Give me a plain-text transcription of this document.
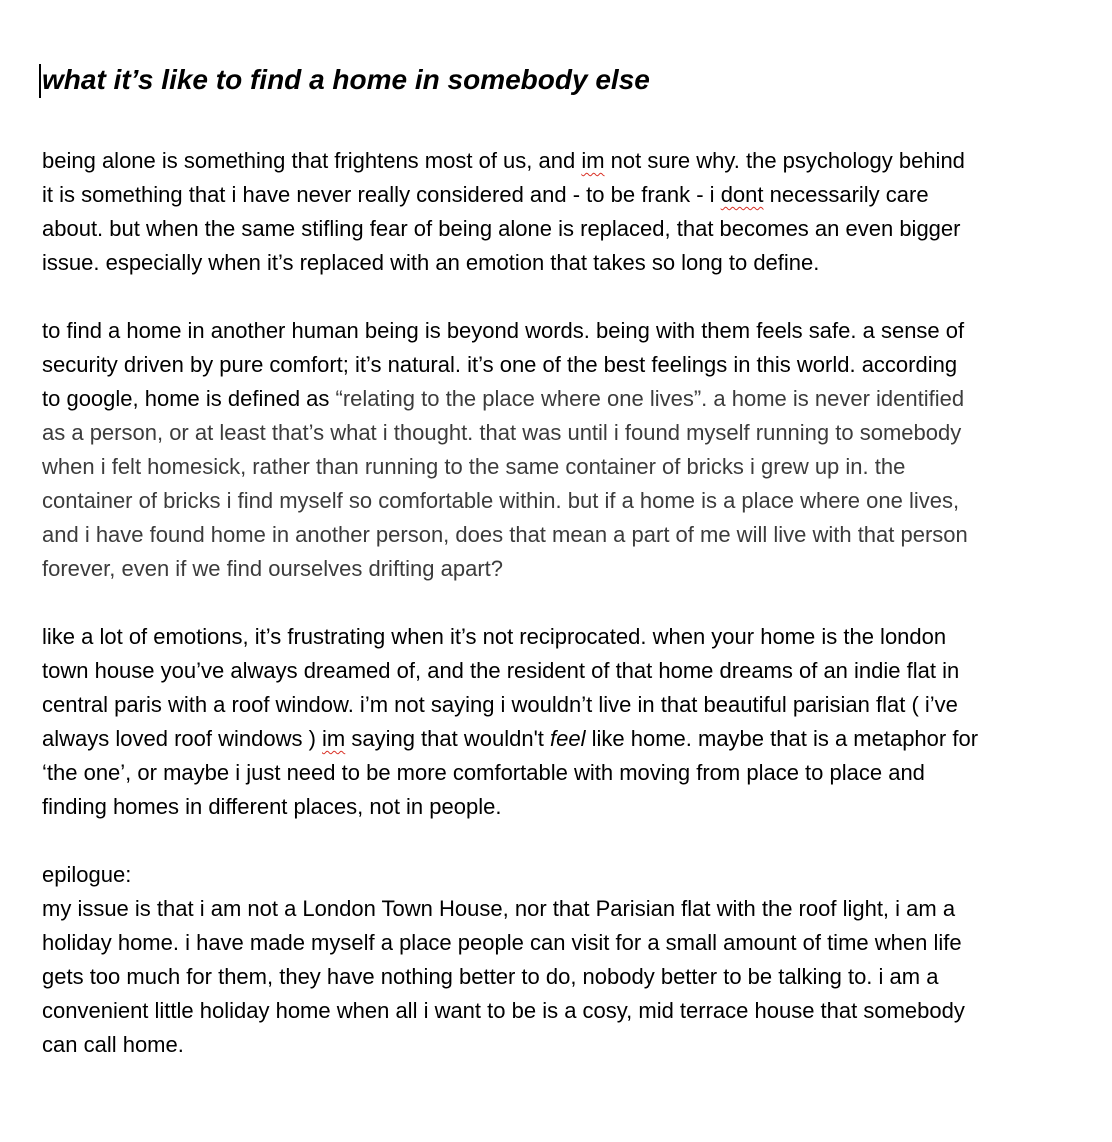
what it’s like to find a home in somebody else

being alone is something that frightens most of us, and im not sure why. the psychology behind
it is something that i have never really considered and - to be frank - i dont necessarily care
about. but when the same stifling fear of being alone is replaced, that becomes an even bigger
issue. especially when it’s replaced with an emotion that takes so long to define.

to find a home in another human being is beyond words. being with them feels safe. a sense of
security driven by pure comfort; it’s natural. it’s one of the best feelings in this world. according
to google, home is defined as “relating to the place where one lives”. a home is never identified
as a person, or at least that’s what i thought. that was until i found myself running to somebody
when i felt homesick, rather than running to the same container of bricks i grew up in. the
container of bricks i find myself so comfortable within. but if a home is a place where one lives,
and i have found home in another person, does that mean a part of me will live with that person
forever, even if we find ourselves drifting apart?

like a lot of emotions, it’s frustrating when it’s not reciprocated. when your home is the london
town house you’ve always dreamed of, and the resident of that home dreams of an indie flat in
central paris with a roof window. i’m not saying i wouldn’t live in that beautiful parisian flat ( i’ve
always loved roof windows ) im saying that wouldn't feel like home. maybe that is a metaphor for
‘the one’, or maybe i just need to be more comfortable with moving from place to place and
finding homes in different places, not in people.

epilogue:
my issue is that i am not a London Town House, nor that Parisian flat with the roof light, i am a
holiday home. i have made myself a place people can visit for a small amount of time when life
gets too much for them, they have nothing better to do, nobody better to be talking to. i am a
convenient little holiday home when all i want to be is a cosy, mid terrace house that somebody
can call home.
